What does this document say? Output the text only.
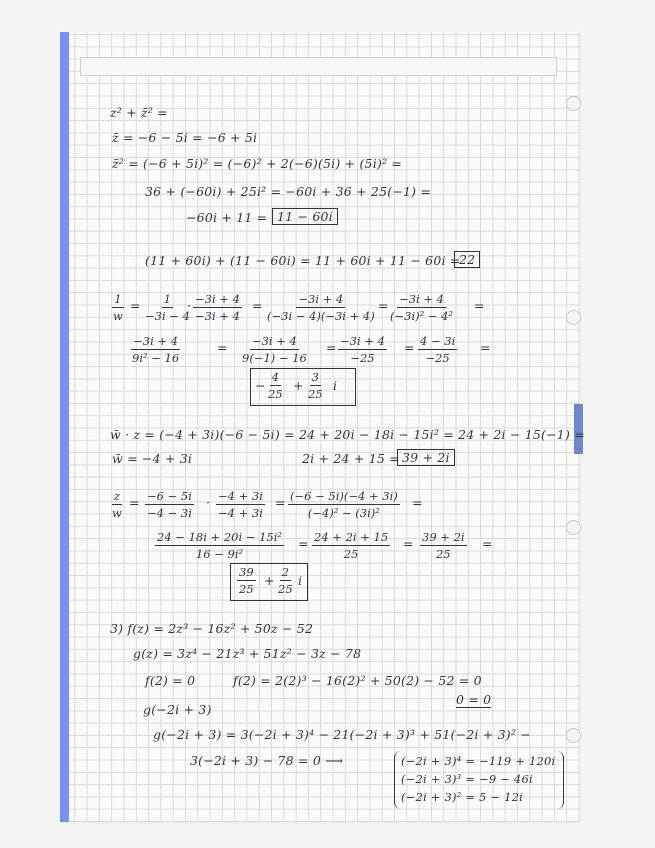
z² + z̄² =
z̄ = −6 − 5i = −6 + 5i
z̄² = (−6 + 5i)² = (−6)² + 2(−6)(5i) + (5i)² =
36 + (−60i) + 25i² = −60i + 36 + 25(−1) =
−60i + 11 = 11 − 60i
(11 + 60i) + (11 − 60i) = 11 + 60i + 11 − 60i =
22
$\frac{1}{w} = \frac{1}{-3i - 4}$
· $\frac{-3i + 4}{-3i + 4} = \frac{-3i + 4}{(-3i - 4)(-3i + 4)} = \frac{-3i + 4}{\text{(−3i)² − 4²}}$ =
$\frac{-3i + 4}{\text{9i² − 16}}$	= $\frac{-3i + 4}{9(-1) - 16} = \frac{-3i + 4}{-25} = \frac{4 - 3i}{-25}$ =
− $\frac{4}{25} + \frac{3}{25}$ i
w̄ · z = (−4 + 3i)(−6 − 5i) = 24 + 20i − 18i − 15i² = 24 + 2i − 15(−1) =
w̄ = −4 + 3i	2i + 24 + 15 = 39 + 2i
$\frac{z}{w} = \frac{-6 - 5i}{-4 - 3i} \cdot \frac{-4 + 3i}{-4 + 3i} = \frac{(-6 - 5i)(-4 + 3i)}{\text{(−4)² − (3i)²}}$ =
$\frac{\text{24 − 18i + 20i − 15i²}}{\text{16 − 9i²}} = \frac{24 + 2i + 15}{25} = \frac{39 + 2i}{25}$ =
$\frac{39}{25} + \frac{2}{25}$ i
3) f(z) = 2z³ − 16z² + 50z − 52
g(z) = 3z⁴ − 21z³ + 51z² − 3z − 78
f(2) = 0	f(2) = 2(2)³ − 16(2)² + 50(2) − 52 = 0
0 = 0
g(−2i + 3)
g(−2i + 3) = 3(−2i + 3)⁴ − 21(−2i + 3)³ + 51(−2i + 3)² −
3(−2i + 3) − 78 = 0 ⟶	(−2i + 3)⁴ = −119 + 120i
(−2i + 3)³ = −9 − 46i
(−2i + 3)² = 5 − 12i
